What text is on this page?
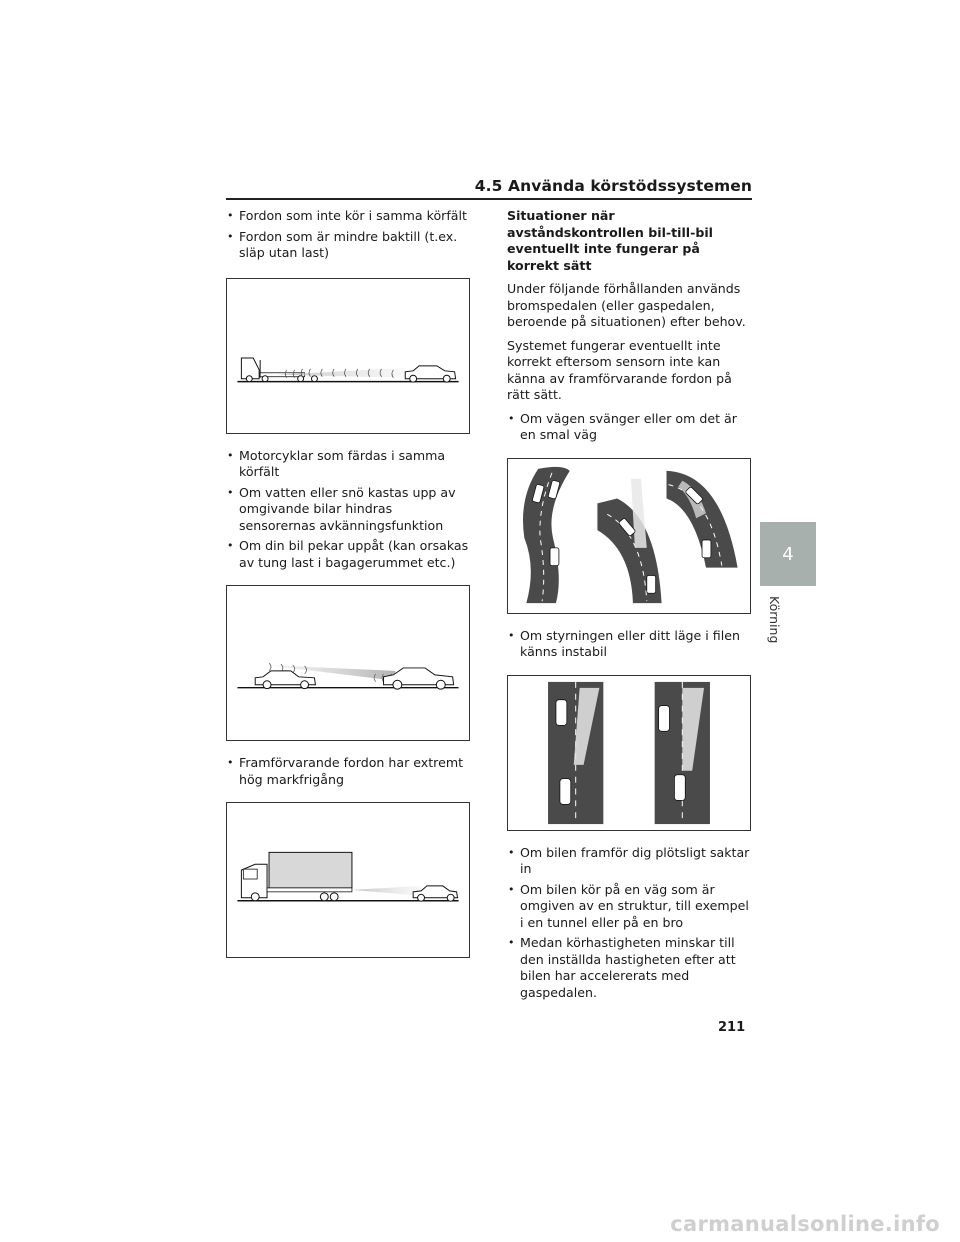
4.5 Använda körstödssystemen
• Fordon som inte kör i samma körfält
• Fordon som är mindre baktill (t.ex. släp utan last)
• Motorcyklar som färdas i samma körfält
• Om vatten eller snö kastas upp av omgivande bilar hindras sensorernas avkänningsfunktion
• Om din bil pekar uppåt (kan orsakas av tung last i bagagerummet etc.)
• Framförvarande fordon har extremt hög markfrigång
Situationer när avståndskontrollen bil-till-bil eventuellt inte fungerar på korrekt sätt

Under följande förhållanden används bromspedalen (eller gaspedalen, beroende på situationen) efter behov.

Systemet fungerar eventuellt inte korrekt eftersom sensorn inte kan känna av framförvarande fordon på rätt sätt.

• Om vägen svänger eller om det är en smal väg
• Om styrningen eller ditt läge i filen känns instabil
• Om bilen framför dig plötsligt saktar in
• Om bilen kör på en väg som är omgiven av en struktur, till exempel i en tunnel eller på en bro
• Medan körhastigheten minskar till den inställda hastigheten efter att bilen har accelererats med gaspedalen.
4
Körning
211
carmanualsonline.info
